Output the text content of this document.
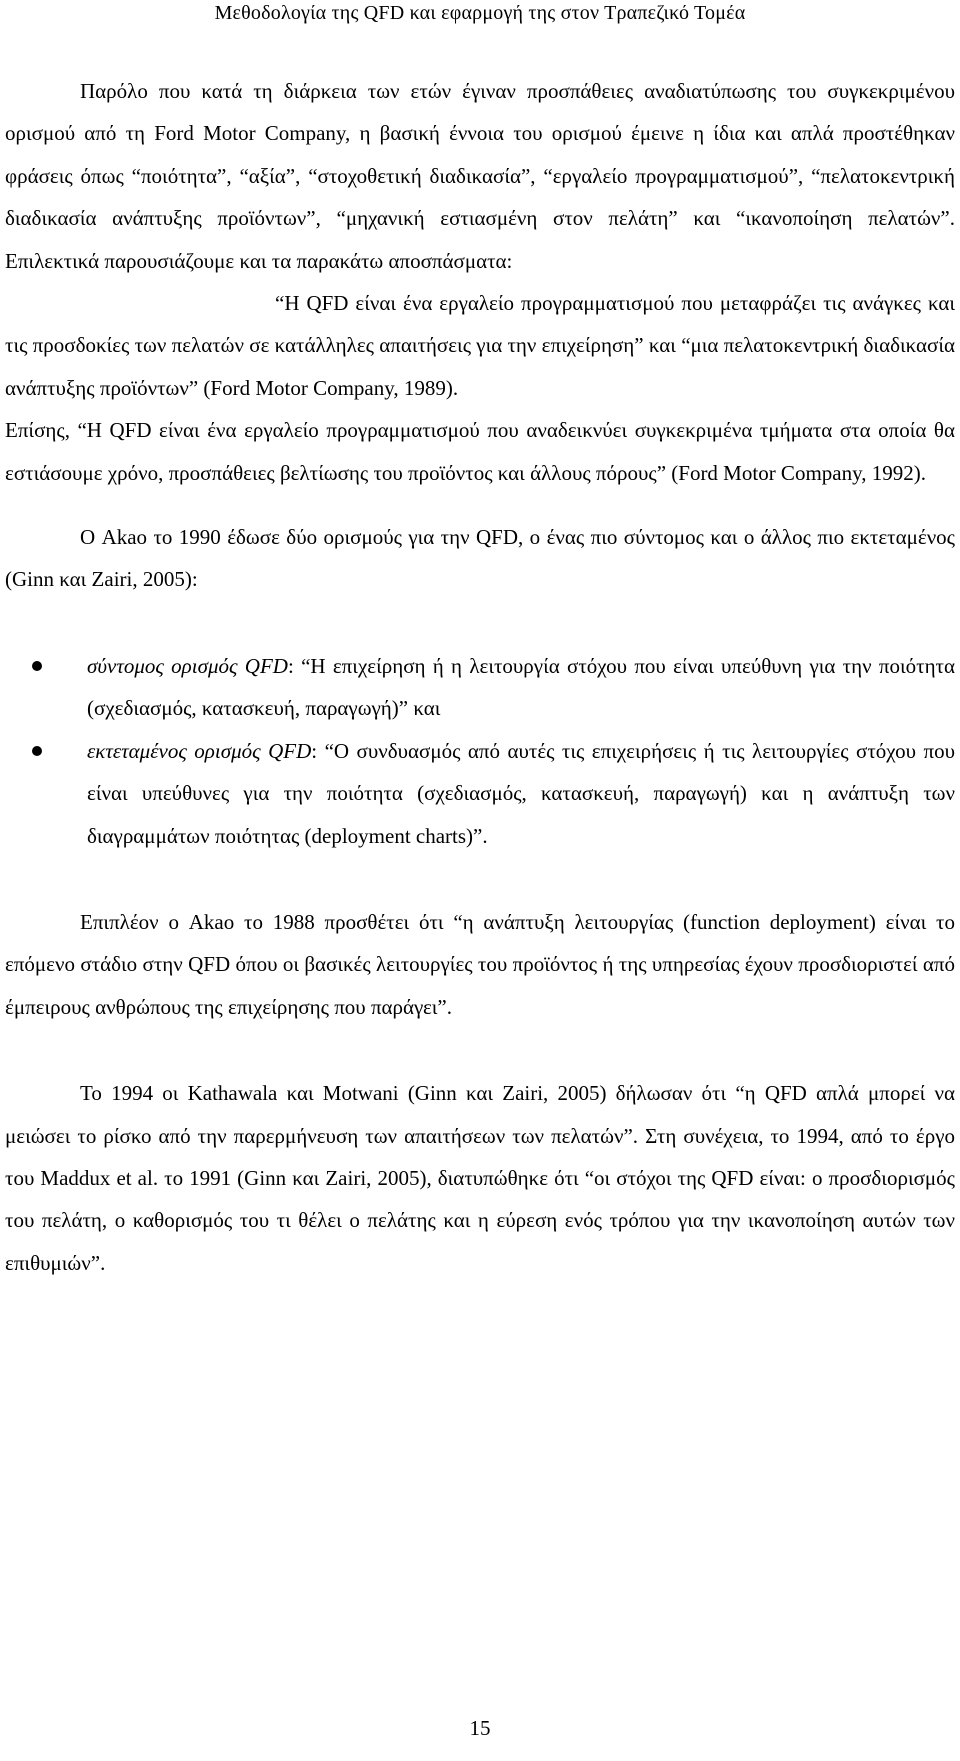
Μεθοδολογία της QFD και εφαρμογή της στον Τραπεζικό Τομέα

Παρόλο που κατά τη διάρκεια των ετών έγιναν προσπάθειες αναδιατύπωσης του συγκεκριμένου ορισμού από τη Ford Motor Company, η βασική έννοια του ορισμού έμεινε η ίδια και απλά προστέθηκαν φράσεις όπως “ποιότητα”, “αξία”, “στοχοθετική διαδικασία”, “εργαλείο προγραμματισμού”, “πελατοκεντρική διαδικασία ανάπτυξης προϊόντων”, “μηχανική εστιασμένη στον πελάτη” και “ικανοποίηση πελατών”. Επιλεκτικά παρουσιάζουμε και τα παρακάτω αποσπάσματα:

“Η QFD είναι ένα εργαλείο προγραμματισμού που μεταφράζει τις ανάγκες και τις προσδοκίες των πελατών σε κατάλληλες απαιτήσεις για την επιχείρηση” και “μια πελατοκεντρική διαδικασία ανάπτυξης προϊόντων” (Ford Motor Company, 1989).

Επίσης, “Η QFD είναι ένα εργαλείο προγραμματισμού που αναδεικνύει συγκεκριμένα τμήματα στα οποία θα εστιάσουμε χρόνο, προσπάθειες βελτίωσης του προϊόντος και άλλους πόρους” (Ford Motor Company, 1992).

Ο Akao το 1990 έδωσε δύο ορισμούς για την QFD, ο ένας πιο σύντομος και ο άλλος πιο εκτεταμένος (Ginn και Zairi, 2005):

σύντομος ορισμός QFD: “Η επιχείρηση ή η λειτουργία στόχου που είναι υπεύθυνη για την ποιότητα (σχεδιασμός, κατασκευή, παραγωγή)” και
εκτεταμένος ορισμός QFD: “Ο συνδυασμός από αυτές τις επιχειρήσεις ή τις λειτουργίες στόχου που είναι υπεύθυνες για την ποιότητα (σχεδιασμός, κατασκευή, παραγωγή) και η ανάπτυξη των διαγραμμάτων ποιότητας (deployment charts)”.

Επιπλέον ο Akao το 1988 προσθέτει ότι “η ανάπτυξη λειτουργίας (function deployment) είναι το επόμενο στάδιο στην QFD όπου οι βασικές λειτουργίες του προϊόντος ή της υπηρεσίας έχουν προσδιοριστεί από έμπειρους ανθρώπους της επιχείρησης που παράγει”.

Το 1994 οι Kathawala και Motwani (Ginn και Zairi, 2005) δήλωσαν ότι “η QFD απλά μπορεί να μειώσει το ρίσκο από την παρερμήνευση των απαιτήσεων των πελατών”. Στη συνέχεια, το 1994, από το έργο του Maddux et al. το 1991 (Ginn και Zairi, 2005), διατυπώθηκε ότι “οι στόχοι της QFD είναι: ο προσδιορισμός του πελάτη, ο καθορισμός του τι θέλει ο πελάτης και η εύρεση ενός τρόπου για την ικανοποίηση αυτών των επιθυμιών”.

15
